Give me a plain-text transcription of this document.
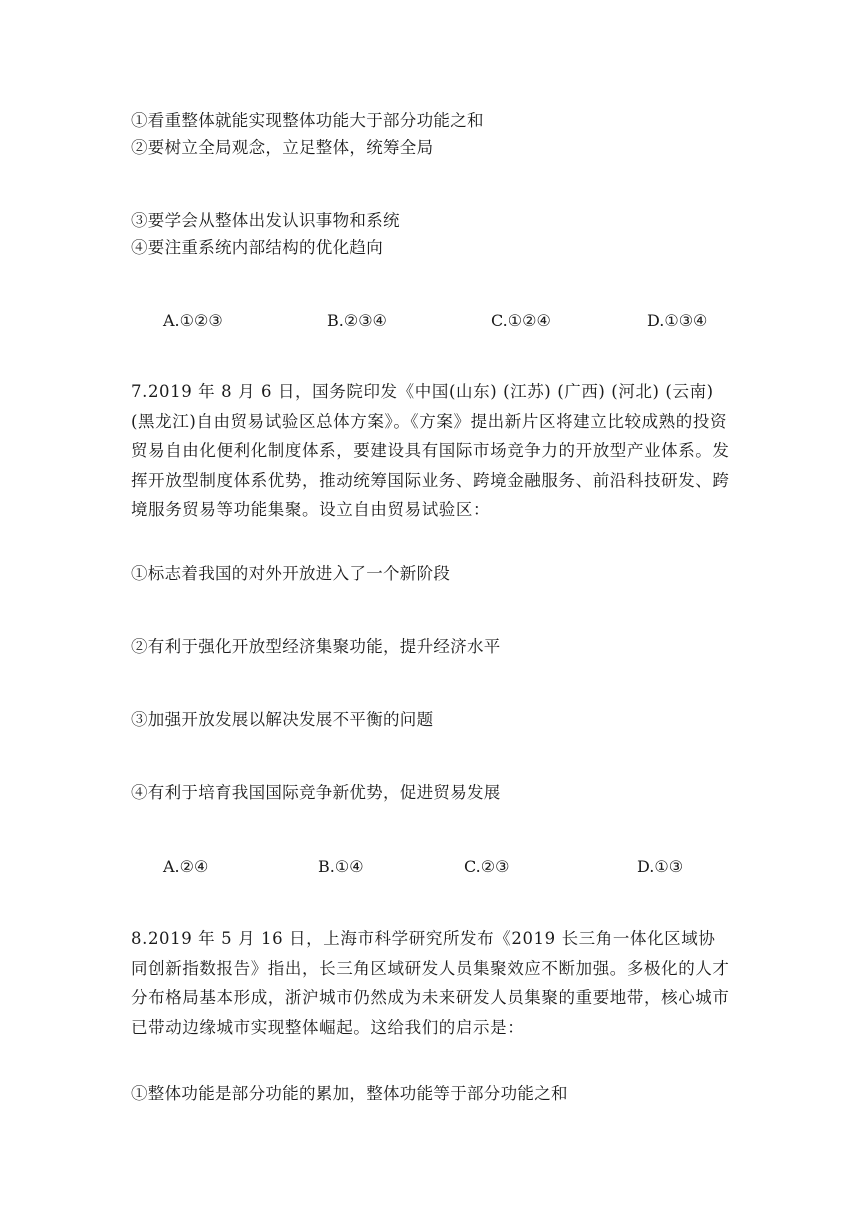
①看重整体就能实现整体功能大于部分功能之和
②要树立全局观念，立足整体，统筹全局
③要学会从整体出发认识事物和系统
④要注重系统内部结构的优化趋向
A.①②③	B.②③④	C.①②④	D.①③④
7.2019 年 8 月 6 日，国务院印发《中国(山东) (江苏) (广西) (河北) (云南) (黑龙江)自由贸易试验区总体方案》。《方案》提出新片区将建立比较成熟的投资贸易自由化便利化制度体系，要建设具有国际市场竞争力的开放型产业体系。发挥开放型制度体系优势，推动统筹国际业务、跨境金融服务、前沿科技研发、跨境服务贸易等功能集聚。设立自由贸易试验区：
①标志着我国的对外开放进入了一个新阶段
②有利于强化开放型经济集聚功能，提升经济水平
③加强开放发展以解决发展不平衡的问题
④有利于培育我国国际竞争新优势，促进贸易发展
A.②④	B.①④	C.②③	D.①③
8.2019 年 5 月 16 日，上海市科学研究所发布《2019 长三角一体化区域协同创新指数报告》指出，长三角区域研发人员集聚效应不断加强。多极化的人才分布格局基本形成，浙沪城市仍然成为未来研发人员集聚的重要地带，核心城市已带动边缘城市实现整体崛起。这给我们的启示是：
①整体功能是部分功能的累加，整体功能等于部分功能之和
